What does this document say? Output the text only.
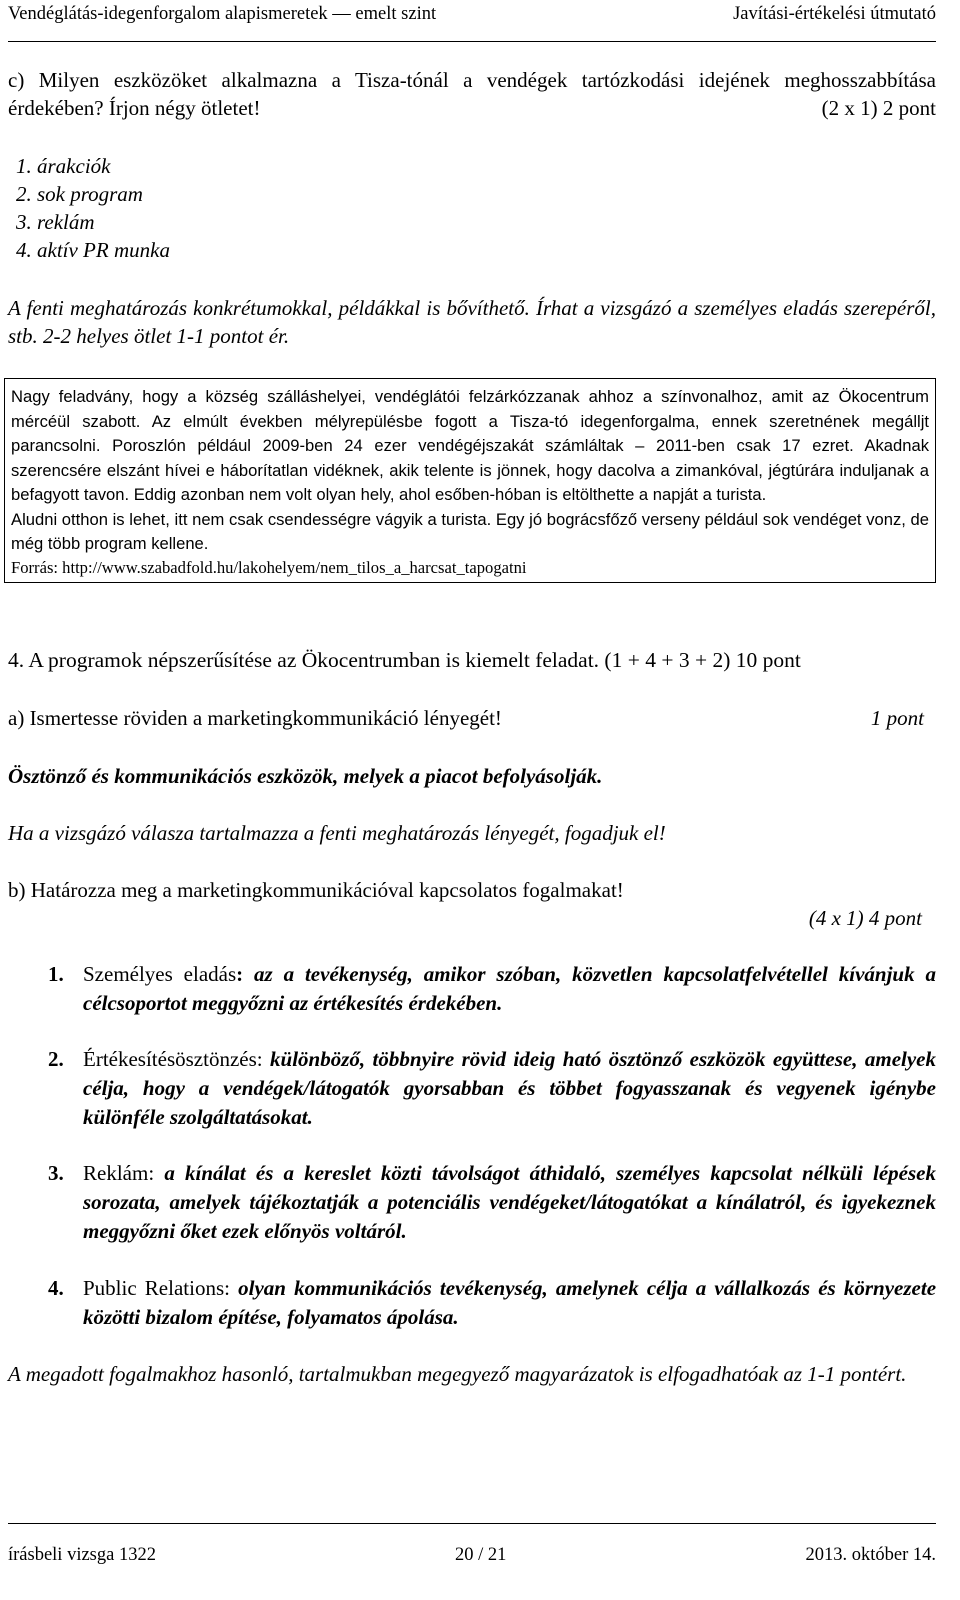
Vendéglátás-idegenforgalom alapismeretek — emelt szint	Javítási-értékelési útmutató

c) Milyen eszközöket alkalmazna a Tisza-tónál a vendégek tartózkodási idejének meghosszabbítása érdekében? Írjon négy ötletet!	(2 x 1) 2 pont

1. árakciók
2. sok program
3. reklám
4. aktív PR munka

A fenti meghatározás konkrétumokkal, példákkal is bővíthető. Írhat a vizsgázó a személyes eladás szerepéről, stb. 2-2 helyes ötlet 1-1 pontot ér.

Nagy feladvány, hogy a község szálláshelyei, vendéglátói felzárkózzanak ahhoz a színvonalhoz, amit az Ökocentrum mércéül szabott. Az elmúlt években mélyrepülésbe fogott a Tisza-tó idegenforgalma, ennek szeretnének megálljt parancsolni. Poroszlón például 2009-ben 24 ezer vendégéjszakát számláltak – 2011-ben csak 17 ezret. Akadnak szerencsére elszánt hívei e háborítatlan vidéknek, akik telente is jönnek, hogy dacolva a zimankóval, jégtúrára induljanak a befagyott tavon. Eddig azonban nem volt olyan hely, ahol esőben-hóban is eltölthette a napját a turista.

Aludni otthon is lehet, itt nem csak csendességre vágyik a turista. Egy jó bográcsfőző verseny például sok vendéget vonz, de még több program kellene.

Forrás: http://www.szabadfold.hu/lakohelyem/nem_tilos_a_harcsat_tapogatni

4. A programok népszerűsítése az Ökocentrumban is kiemelt feladat. (1 + 4 + 3 + 2) 10 pont

a) Ismertesse röviden a marketingkommunikáció lényegét!	1 pont

Ösztönző és kommunikációs eszközök, melyek a piacot befolyásolják.

Ha a vizsgázó válasza tartalmazza a fenti meghatározás lényegét, fogadjuk el!

b) Határozza meg a marketingkommunikációval kapcsolatos fogalmakat!

(4 x 1) 4 pont

1. Személyes eladás: az a tevékenység, amikor szóban, közvetlen kapcsolatfelvétellel kívánjuk a célcsoportot meggyőzni az értékesítés érdekében.
2. Értékesítésösztönzés: különböző, többnyire rövid ideig ható ösztönző eszközök együttese, amelyek célja, hogy a vendégek/látogatók gyorsabban és többet fogyasszanak és vegyenek igénybe különféle szolgáltatásokat.
3. Reklám: a kínálat és a kereslet közti távolságot áthidaló, személyes kapcsolat nélküli lépések sorozata, amelyek tájékoztatják a potenciális vendégeket/látogatókat a kínálatról, és igyekeznek meggyőzni őket ezek előnyös voltáról.
4. Public Relations: olyan kommunikációs tevékenység, amelynek célja a vállalkozás és környezete közötti bizalom építése, folyamatos ápolása.

A megadott fogalmakhoz hasonló, tartalmukban megegyező magyarázatok is elfogadhatóak az 1-1 pontért.

írásbeli vizsga 1322	20 / 21	2013. október 14.
